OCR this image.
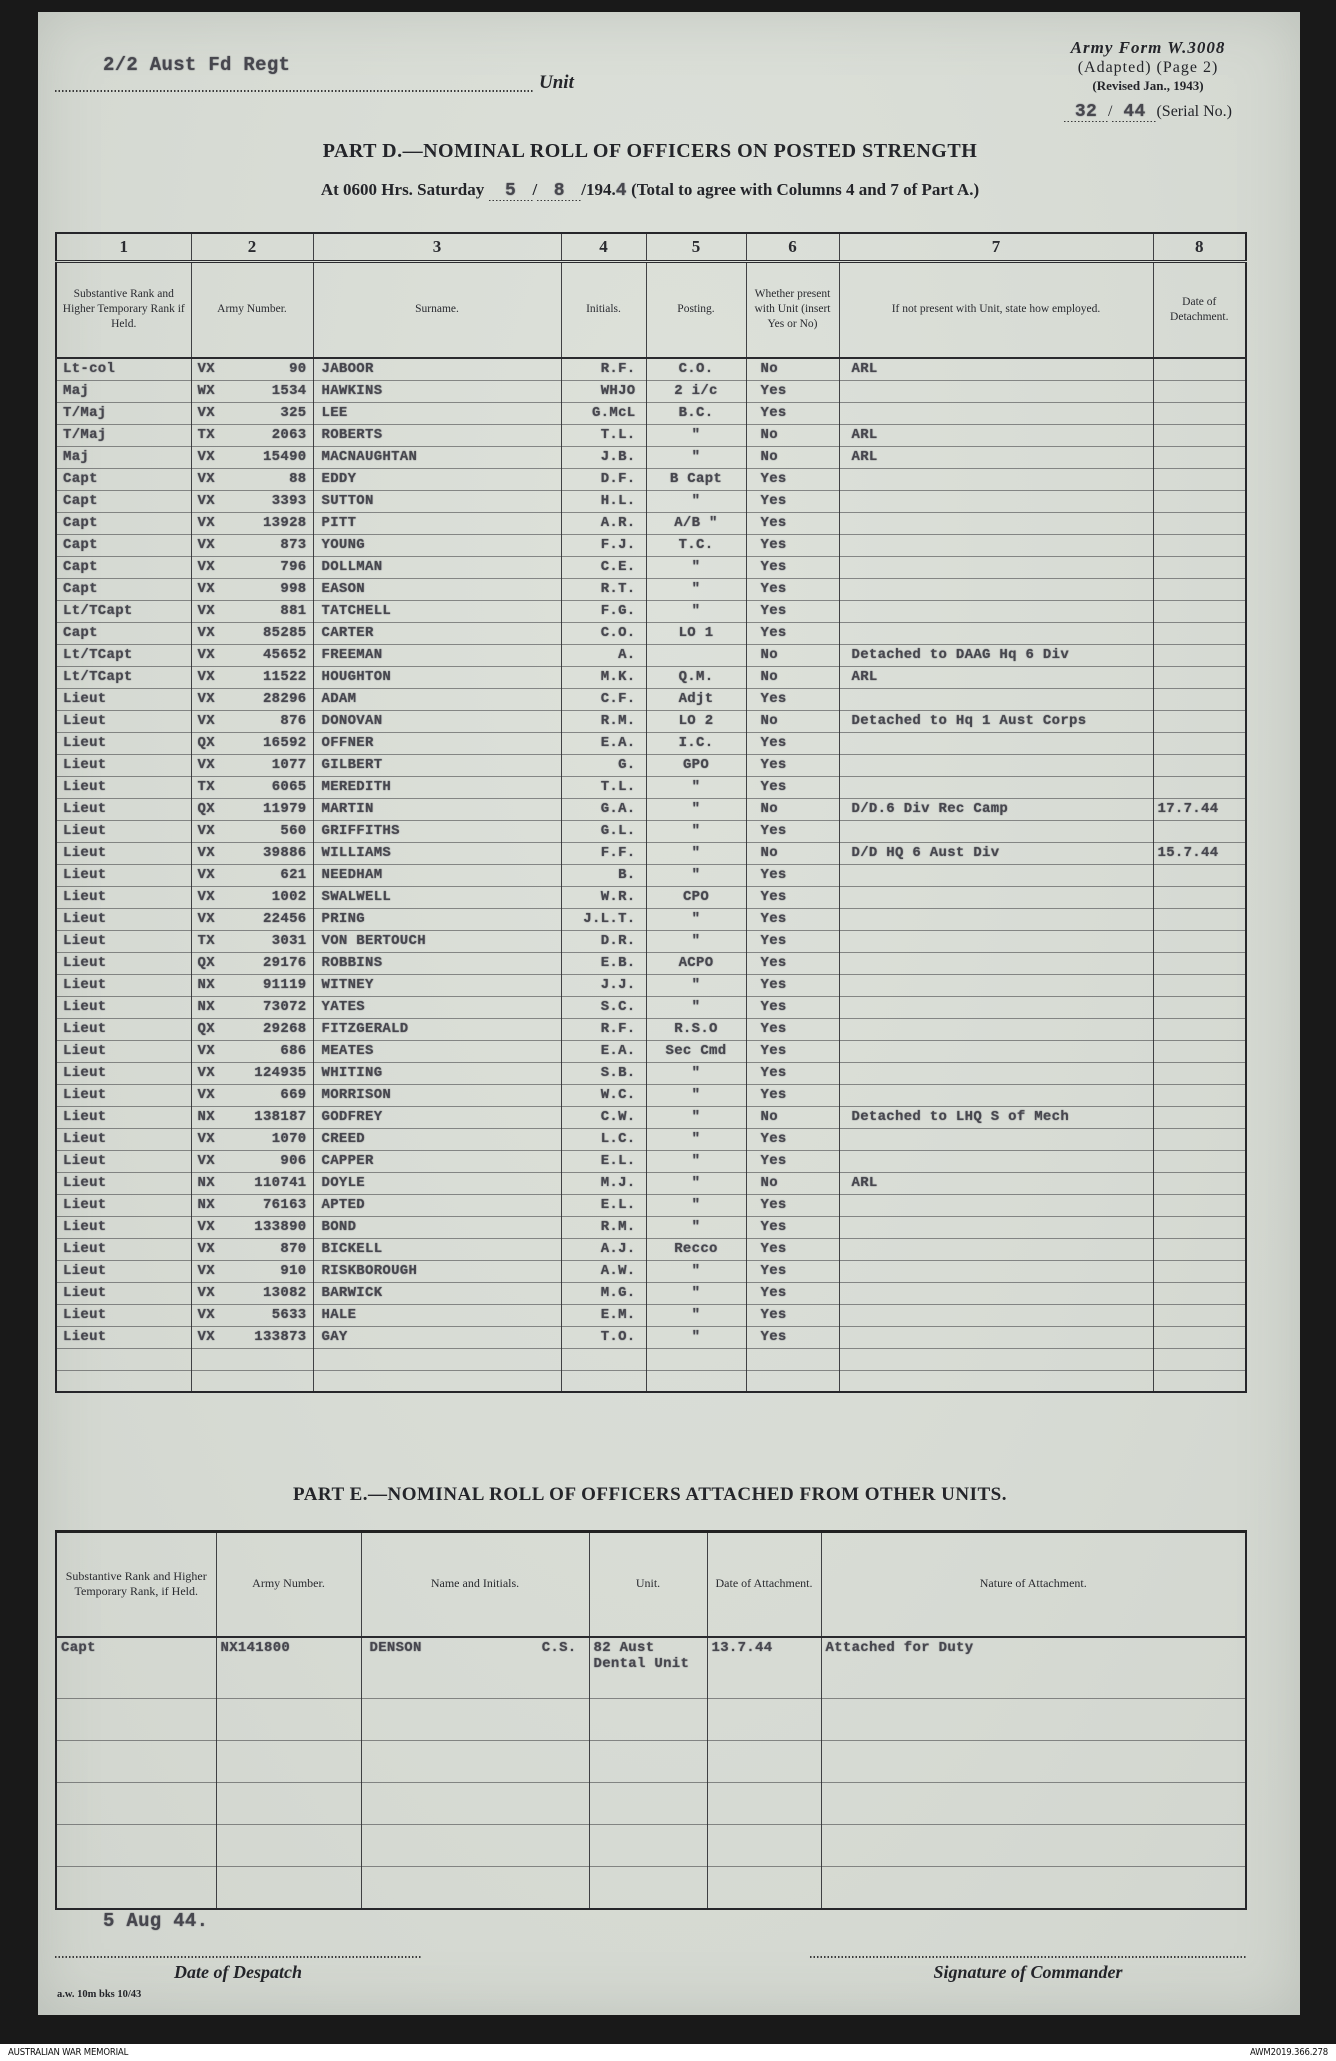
2/2 Aust Fd Regt
Unit
Army Form W.3008
(Adapted) (Page 2)
(Revised Jan., 1943)
32 / 44 (Serial No.)
PART D.—NOMINAL ROLL OF OFFICERS ON POSTED STRENGTH
At 0600 Hrs. Saturday 5 / 8 /194.4 (Total to agree with Columns 4 and 7 of Part A.)
1	2	3	4	5	6	7	8
Substantive Rank and Higher Temporary Rank if Held.	Army Number.	Surname.	Initials.	Posting.	Whether present with Unit (insert Yes or No)	If not present with Unit, state how employed.	Date of Detachment.
Lt-col	VX 90	JABOOR	R.F.	C.O.	No	ARL	
Maj	WX 1534	HAWKINS	WHJO	2 i/c	Yes		
T/Maj	VX 325	LEE	G.McL	B.C.	Yes		
T/Maj	TX 2063	ROBERTS	T.L.	"	No	ARL	
Maj	VX 15490	MACNAUGHTAN	J.B.	"	No	ARL	
Capt	VX 88	EDDY	D.F.	B Capt	Yes		
Capt	VX 3393	SUTTON	H.L.	"	Yes		
Capt	VX 13928	PITT	A.R.	A/B "	Yes		
Capt	VX 873	YOUNG	F.J.	T.C.	Yes		
Capt	VX 796	DOLLMAN	C.E.	"	Yes		
Capt	VX 998	EASON	R.T.	"	Yes		
Lt/TCapt	VX 881	TATCHELL	F.G.	"	Yes		
Capt	VX 85285	CARTER	C.O.	LO 1	Yes		
Lt/TCapt	VX 45652	FREEMAN	A.		No	Detached to DAAG Hq 6 Div	
Lt/TCapt	VX 11522	HOUGHTON	M.K.	Q.M.	No	ARL	
Lieut	VX 28296	ADAM	C.F.	Adjt	Yes		
Lieut	VX 876	DONOVAN	R.M.	LO 2	No	Detached to Hq 1 Aust Corps	
Lieut	QX 16592	OFFNER	E.A.	I.C.	Yes		
Lieut	VX 1077	GILBERT	G.	GPO	Yes		
Lieut	TX 6065	MEREDITH	T.L.	"	Yes		
Lieut	QX 11979	MARTIN	G.A.	"	No	D/D.6 Div Rec Camp	17.7.44
Lieut	VX 560	GRIFFITHS	G.L.	"	Yes		
Lieut	VX 39886	WILLIAMS	F.F.	"	No	D/D HQ 6 Aust Div	15.7.44
Lieut	VX 621	NEEDHAM	B.	"	Yes		
Lieut	VX 1002	SWALWELL	W.R.	CPO	Yes		
Lieut	VX 22456	PRING	J.L.T.	"	Yes		
Lieut	TX 3031	VON BERTOUCH	D.R.	"	Yes		
Lieut	QX 29176	ROBBINS	E.B.	ACPO	Yes		
Lieut	NX 91119	WITNEY	J.J.	"	Yes		
Lieut	NX 73072	YATES	S.C.	"	Yes		
Lieut	QX 29268	FITZGERALD	R.F.	R.S.O	Yes		
Lieut	VX 686	MEATES	E.A.	Sec Cmd	Yes		
Lieut	VX 124935	WHITING	S.B.	"	Yes		
Lieut	VX 669	MORRISON	W.C.	"	Yes		
Lieut	NX 138187	GODFREY	C.W.	"	No	Detached to LHQ S of Mech	
Lieut	VX 1070	CREED	L.C.	"	Yes		
Lieut	VX 906	CAPPER	E.L.	"	Yes		
Lieut	NX 110741	DOYLE	M.J.	"	No	ARL	
Lieut	NX 76163	APTED	E.L.	"	Yes		
Lieut	VX 133890	BOND	R.M.	"	Yes		
Lieut	VX 870	BICKELL	A.J.	Recco	Yes		
Lieut	VX 910	RISKBOROUGH	A.W.	"	Yes		
Lieut	VX 13082	BARWICK	M.G.	"	Yes		
Lieut	VX 5633	HALE	E.M.	"	Yes		
Lieut	VX 133873	GAY	T.O.	"	Yes		

PART E.—NOMINAL ROLL OF OFFICERS ATTACHED FROM OTHER UNITS.
Substantive Rank and Higher Temporary Rank, if Held.	Army Number.	Name and Initials.	Unit.	Date of Attachment.	Nature of Attachment.
Capt	NX141800	DENSON C.S.	82 Aust Dental Unit	13.7.44	Attached for Duty

5 Aug 44.
Date of Despatch	Signature of Commander
a.w. 10m bks 10/43
AUSTRALIAN WAR MEMORIAL	AWM2019.366.278
